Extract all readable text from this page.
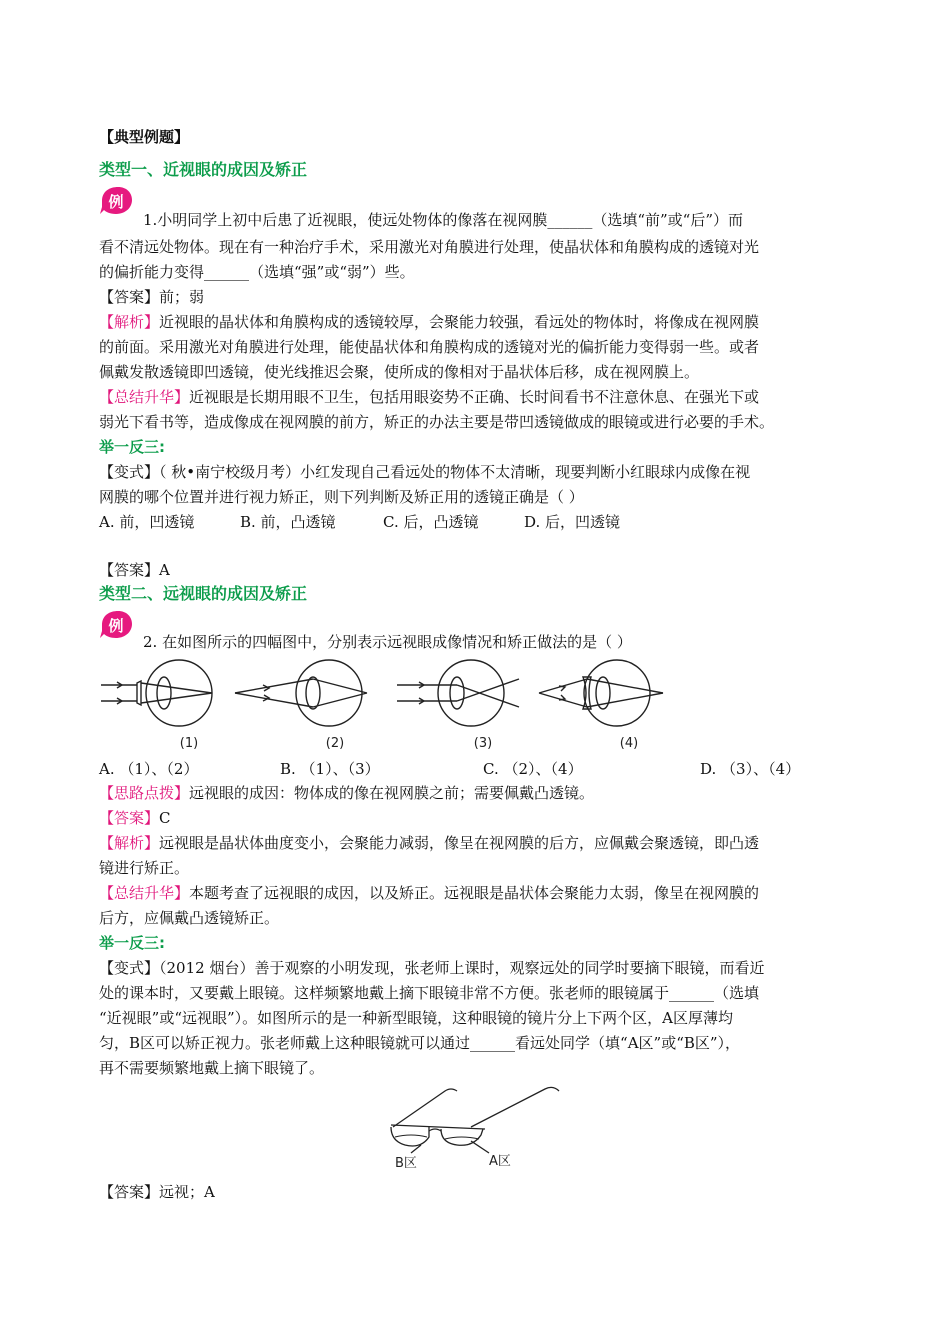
【典型例题】
类型一、近视眼的成因及矫正
例
1.小明同学上初中后患了近视眼，使远处物体的像落在视网膜______（选填“前”或“后”）而
看不清远处物体。现在有一种治疗手术，采用激光对角膜进行处理，使晶状体和角膜构成的透镜对光
的偏折能力变得______（选填“强”或“弱”）些。
【答案】前；弱
【解析】近视眼的晶状体和角膜构成的透镜较厚，会聚能力较强，看远处的物体时，将像成在视网膜
的前面。采用激光对角膜进行处理，能使晶状体和角膜构成的透镜对光的偏折能力变得弱一些。或者
佩戴发散透镜即凹透镜，使光线推迟会聚，使所成的像相对于晶状体后移，成在视网膜上。
【总结升华】近视眼是长期用眼不卫生，包括用眼姿势不正确、长时间看书不注意休息、在强光下或
弱光下看书等，造成像成在视网膜的前方，矫正的办法主要是带凹透镜做成的眼镜或进行必要的手术。
举一反三:
【变式】（ 秋•南宁校级月考）小红发现自己看远处的物体不太清晰，现要判断小红眼球内成像在视
网膜的哪个位置并进行视力矫正，则下列判断及矫正用的透镜正确是（ ）
A. 前，凹透镜	B. 前，凸透镜	C. 后，凸透镜	D. 后，凹透镜
【答案】A
类型二、远视眼的成因及矫正
例
2. 在如图所示的四幅图中，分别表示远视眼成像情况和矫正做法的是（ ）
(1)	(2)	(3)	(4)
A. （1）、（2）	B. （1）、（3）	C. （2）、（4）	D. （3）、（4）
【思路点拨】远视眼的成因：物体成的像在视网膜之前；需要佩戴凸透镜。
【答案】C
【解析】远视眼是晶状体曲度变小，会聚能力减弱，像呈在视网膜的后方，应佩戴会聚透镜，即凸透
镜进行矫正。
【总结升华】本题考查了远视眼的成因，以及矫正。远视眼是晶状体会聚能力太弱，像呈在视网膜的
后方，应佩戴凸透镜矫正。
举一反三:
【变式】（2012 烟台）善于观察的小明发现，张老师上课时，观察远处的同学时要摘下眼镜，而看近
处的课本时，又要戴上眼镜。这样频繁地戴上摘下眼镜非常不方便。张老师的眼镜属于______（选填
“近视眼”或“远视眼”）。如图所示的是一种新型眼镜，这种眼镜的镜片分上下两个区，A区厚薄均
匀，B区可以矫正视力。张老师戴上这种眼镜就可以通过______看远处同学（填“A区”或“B区”），
再不需要频繁地戴上摘下眼镜了。
B区	A区
【答案】远视；A
